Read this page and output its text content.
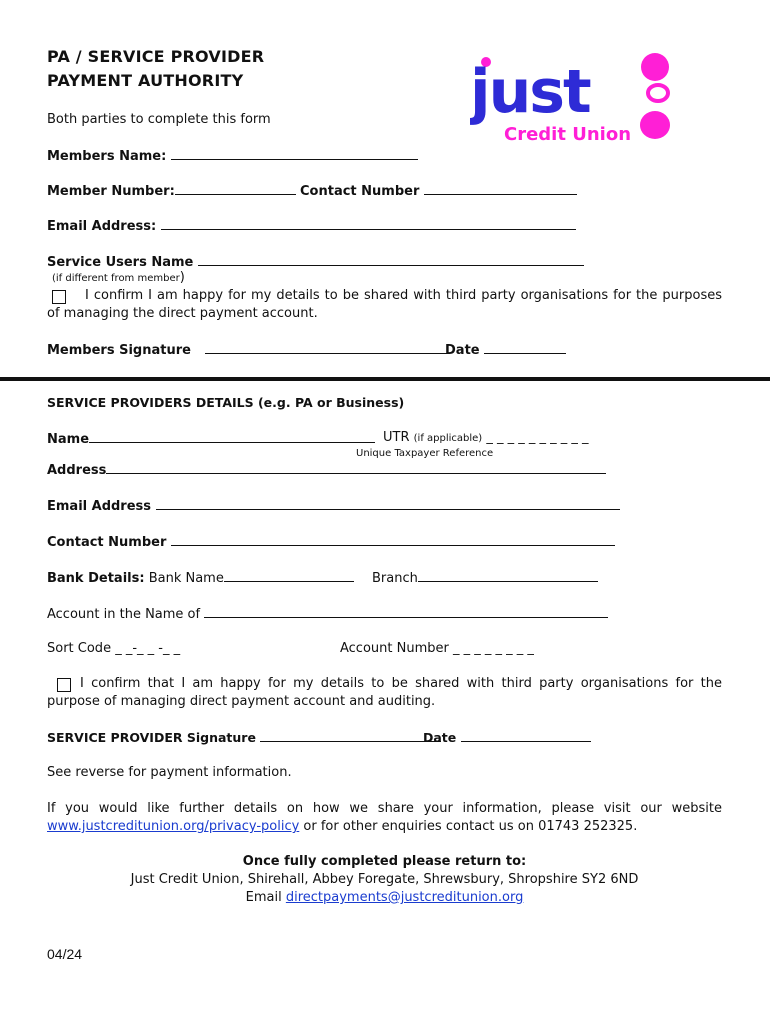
PA / SERVICE PROVIDER
PAYMENT AUTHORITY
Both parties to complete this form	just
Credit Union
Members Name:
Member Number:	Contact Number
Email Address:
Service Users Name
(if different from member)
I confirm I am happy for my details to be shared with third party organisations for the purposes of managing the direct payment account.
Members Signature	Date
SERVICE PROVIDERS DETAILS (e.g. PA or Business)
Name	UTR (if applicable) _ _ _ _ _ _ _ _ _ _
Unique Taxpayer Reference
Address
Email Address
Contact Number
Bank Details: Bank Name	Branch
Account in the Name of
Sort Code _ _-_ _ -_ _	Account Number _ _ _ _ _ _ _ _
I confirm that I am happy for my details to be shared with third party organisations for the purpose of managing direct payment account and auditing.
SERVICE PROVIDER Signature	Date
See reverse for payment information.
If you would like further details on how we share your information, please visit our website www.justcreditunion.org/privacy-policy or for other enquiries contact us on 01743 252325.
Once fully completed please return to:
Just Credit Union, Shirehall, Abbey Foregate, Shrewsbury, Shropshire SY2 6ND
Email directpayments@justcreditunion.org
04/24
